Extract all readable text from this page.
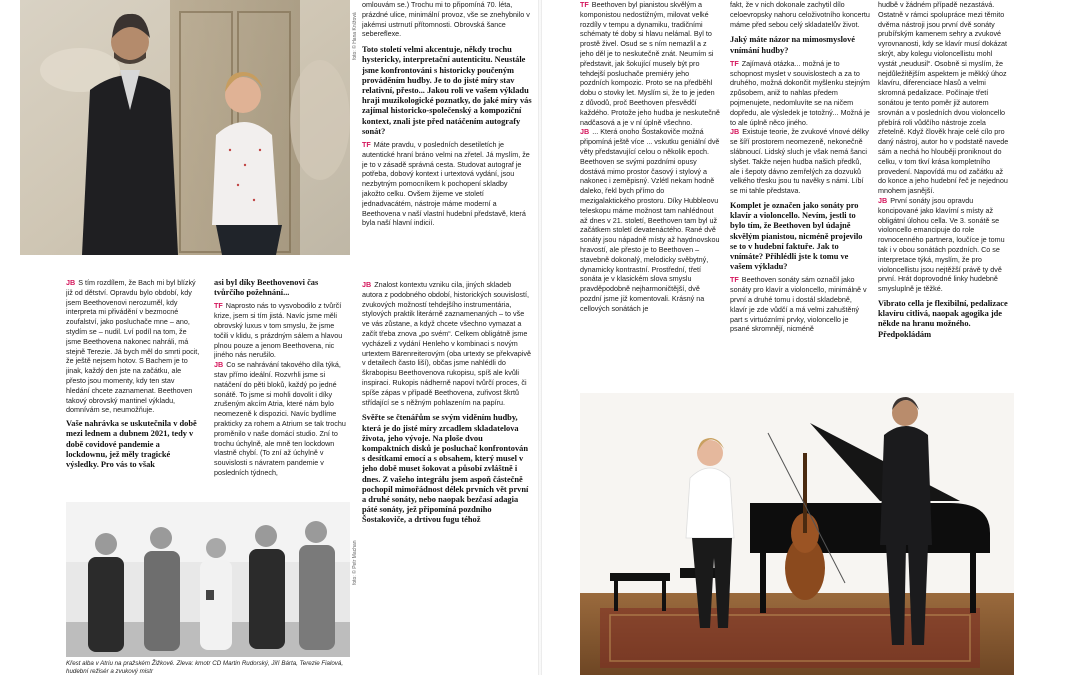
foto: © Hana Knížová

omlouvám se.) Trochu mi to připomíná 70. léta, prázdné ulice, minimální provoz, vše se znehybnilo v jakémsi ustrnutí přítomnosti. Obrovská šance sebereflexe.

Toto století velmi akcentuje, někdy trochu hystericky, interpretační autenticitu. Neustále jsme konfrontováni s historicky poučeným prováděním hudby. Je to do jisté míry stav relativní, přesto... Jakou roli ve vašem výkladu hraji muzikologické poznatky, do jaké míry vás zajímal historicko-společenský a kompoziční kontext, znali jste před natáčením autografy sonát?

TF Máte pravdu, v posledních desetiletích je autentické hraní bráno velmi na zřetel. Já myslím, že je to v zásadě správná cesta. Studovat autograf je potřeba, dobový kontext i urtextová vydání, jsou nezbytným pomocníkem k pochopení skladby jakožto celku. Ovšem žijeme ve století jednadvacátém, nástroje máme moderní a Beethovena v naší vlastní hudební představě, která byla naší hlavní indicií.

JB S tím rozdílem, že Bach mi byl blízký již od dětství. Opravdu bylo období, kdy jsem Beethovenovi nerozuměl, kdy interpreta mi přivádění v bezmocné zoufalství, jako posluchače mne – ano, stydím se – nudil. Lví podíl na tom, že jsme Beethovena nakonec nahráli, má stejně Terezie. Já bych měl do smrti pocit, že ještě nejsem hotov. S Bachem je to jinak, každý den jste na začátku, ale přesto jsou momenty, kdy ten stav hledání chcete zaznamenat. Beethoven takový obrovský mantinel výkladu, domnívám se, neumožňuje.

Vaše nahrávka se uskutečnila v době mezi lednem a dubnem 2021, tedy v době covidové pandemie a lockdownu, jež měly tragické výsledky. Pro vás to však

asi byl díky Beethovenovi čas tvůrčího požehnání...

TF Naprosto nás to vysvobodilo z tvůrčí krize, jsem si tím jistá. Navíc jsme měli obrovský luxus v tom smyslu, že jsme točili v klidu, s prázdným sálem a hlavou plnou pouze a jenom Beethovena, nic jiného nás nerušilo.

JB Co se nahrávání takového díla týká, stav přímo ideální. Rozvrhli jsme si natáčení do pěti bloků, každý po jedné sonátě. To jsme si mohli dovolit i díky zrušeným akcím Atria, které nám bylo neomezeně k dispozici. Navíc bydlíme prakticky za rohem a Atrium se tak trochu proměnilo v naše domácí studio. Zní to trochu úchylně, ale mně ten lockdown vlastně chybí. (To zní až úchylně v souvislosti s návratem pandemie v posledních týdnech,

JB Znalost kontextu vzniku cila, jiných skladeb autora z podobného období, historických souvislostí, zvukových možností tehdejšího instrumentária, stylových praktik literárně zaznamenaných – to vše ve vás zůstane, a když chcete všechno vymazat a začít třeba znova „po svém“. Celkem obligátně jsme vycházeli z vydání Henleho v kombinaci s novým urtextem Bärenreiterovým (oba urtexty se překvapivě v detailech často liší), občas jsme nahlédli do škrabopisu Beethovenova rukopisu, spíš ale kvůli inspiraci. Rukopis nádherně napoví tvůrčí proces, či spíše zápas v případě Beethovena, zuřivost škrtů střídající se s něžným pohlazením na papíru.

Svěřte se čtenářům se svým viděním hudby, která je do jisté míry zrcadlem skladatelova života, jeho vývoje. Na ploše dvou kompaktních disků je posluchač konfrontován s desítkami emocí a s obsahem, který musel v jeho době muset šokovat a působí zvláštně i dnes. Z vašeho integrálu jsem aspoň částečně pochopil mimořádnost délek prvních vět první a druhé sonáty, nebo naopak bezčasí adagia páté sonáty, jež připomíná pozdního Šostakoviče, a drtivou fugu téhož

foto: © Petr Machan
Křest alba v Atriu na pražském Žižkově. Zleva: kmotr CD Martin Rudorský, Jiří Bárta, Terezie Fialová, hudební režisér a zvukový mistr

TF Beethoven byl pianistou skvělým a komponistou nedostižným, milovat velké rozdíly v tempu a dynamiku, tradičními schématy té doby si hlavu nelámal. Byl to prostě živel. Osud se s ním nemazlil a z jeho děl je to neskutečně znát. Neumím si představit, jak šokující musely být pro tehdejší posluchače premiéry jeho pozdních kompozic. Proto se na předběhl dobu o stovky let. Myslím si, že to je jeden z důvodů, proč Beethoven přesvědčí každého. Protože jeho hudba je neskutečně nadčasová a je v ní úplně všechno.

JB ... Která onoho Šostakoviče možná připomíná ještě více ... vskutku geniální dvě věty představující celou o několik epoch. Beethoven se svými pozdními opusy dostává mimo prostor časový i stylový a nakonec i zeměpisný. Vzlétl nekam hodně daleko, řekl bych přímo do mezigalaktického prostoru. Díky Hubbleovu teleskopu máme možnost tam nahlédnout až dnes v 21. století, Beethoven tam byl už začátkem století devatenáctého. Rané dvě sonáty jsou nápadně místy až haydnovskou hravostí, ale přesto je to Beethoven – stavebně dokonalý, melodicky svěbytný, dynamicky kontrastní. Prostřední, třetí sonáta je v klasickém slova smyslu pravděpodobně nejharmoničtější, dvě pozdní jsme již komentovali. Krásný na cellových sonátách je

fakt, že v nich dokonale zachytil dílo celoevropsky nahoru celoživotního koncertu máme před sebou celý skladatelův život.

Jaký máte názor na mimosmyslové vnímání hudby?

TF Zajímavá otázka... možná je to schopnost myslet v souvislostech a za to druhého, možná dokončit myšlenku stejným způsobem, aniž to nahlas předem pojmenujete, nedomluvíte se na ničem dopředu, ale výsledek je totožný... Možná je to ale úplně něco jiného.

JB Existuje teorie, že zvukové vlnové délky se šíří prostorem neomezeně, nekonečně slábnoucí. Lidský sluch je však nemá šanci slyšet. Takže nejen hudba našich předků, ale i šepoty dávno zemřelých za dozvuků velkého třesku jsou tu navěky s námi. Líbí se mi tahle představa.

Komplet je označen jako sonáty pro klavír a violoncello. Nevím, jestli to bylo tím, že Beethoven byl údajně skvělým pianistou, nicméně projevilo se to v hudební faktuře. Jak to vnímáte? Přihlédli jste k tomu ve vašem výkladu?

TF Beethoven sonáty sám označil jako sonáty pro klavír a violoncello, minimálně v první a druhé tomu i dostál skladebně, klavír je zde vůdčí a má velmi zahuštěný part s virtuózními prvky, violoncello je psané skromnějí, nicméně

hudbě v žádném případě nezastává. Ostatně v rámci spolupráce mezi těmito dvěma nástroji jsou první dvě sonáty prubířským kamenem sehry a zvukové vyrovnanosti, kdy se klavír musí dokázat skrýt, aby kolegu violoncellistu mohl vystát „neudusil“. Osobně si myslím, že nejdůležitějším aspektem je měkký úhoz klavíru, diferenciace hlasů a velmi skromná pedalizace. Počínaje třetí sonátou je tento poměr již autorem srovnán a v posledních dvou violoncello přebírá roli vůdčího nástroje zcela zřetelně. Když člověk hraje celé cílo pro daný nástroj, autor ho v podstatě navede sám a nechá ho hlouběji proniknout do celku, v tom tkví krása kompletního provedení. Napovídá mu od začátku až do konce a jeho hudební řeč je nejednou mnohem jasnější.

JB První sonáty jsou opravdu koncipované jako klavírní s místy až obligátní úlohou cella. Ve 3. sonátě se violoncello emancipuje do role rovnocenného partnera, loučíce je tomu tak i v obou sonátách pozdních. Co se interpretace týká, myslím, že pro violoncellistu jsou nejtěžší právě ty dvě první. Hrát doprovodné linky hudebně smysluplně je těžké.

Vibrato cella je flexibilní, pedalizace klavíru citlivá, naopak agogika jde někde na hranu možného. Předpokládám
